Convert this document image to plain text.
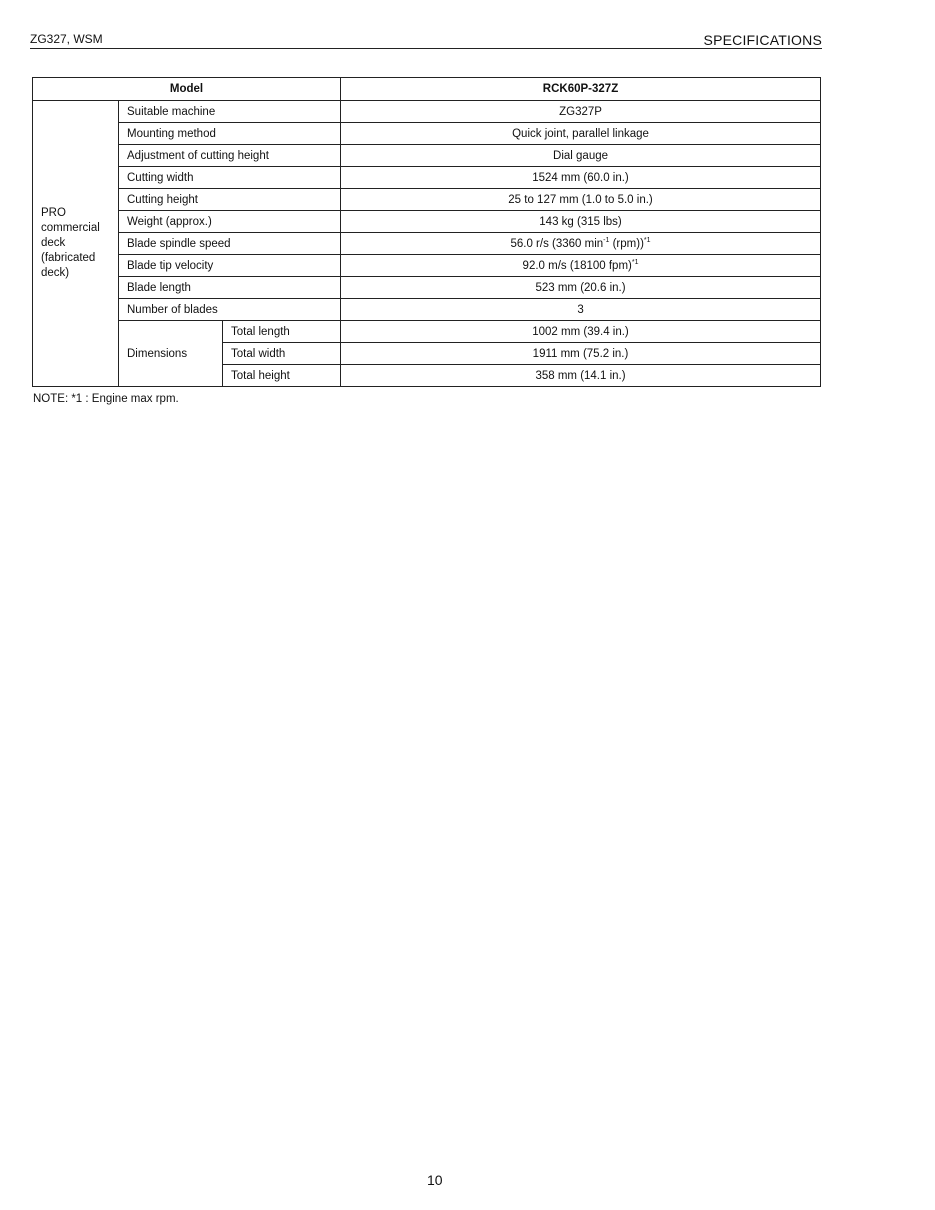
ZG327, WSM	SPECIFICATIONS
Model			RCK60P-327Z
PRO commercial deck (fabricated deck)	Suitable machine		ZG327P
	Mounting method		Quick joint, parallel linkage
	Adjustment of cutting height		Dial gauge
	Cutting width		1524 mm (60.0 in.)
	Cutting height		25 to 127 mm (1.0 to 5.0 in.)
	Weight (approx.)		143 kg (315 lbs)
	Blade spindle speed		56.0 r/s (3360 $\min^{-1} (rpm))^{*1}$
	Blade tip velocity		92.0 m/s (18100 fpm)$^{*1}$
	Blade length		523 mm (20.6 in.)
	Number of blades		3
	Dimensions	Total length	1002 mm (39.4 in.)
		Total width	1911 mm (75.2 in.)
		Total height	358 mm (14.1 in.)
NOTE: *1 : Engine max rpm.
10
